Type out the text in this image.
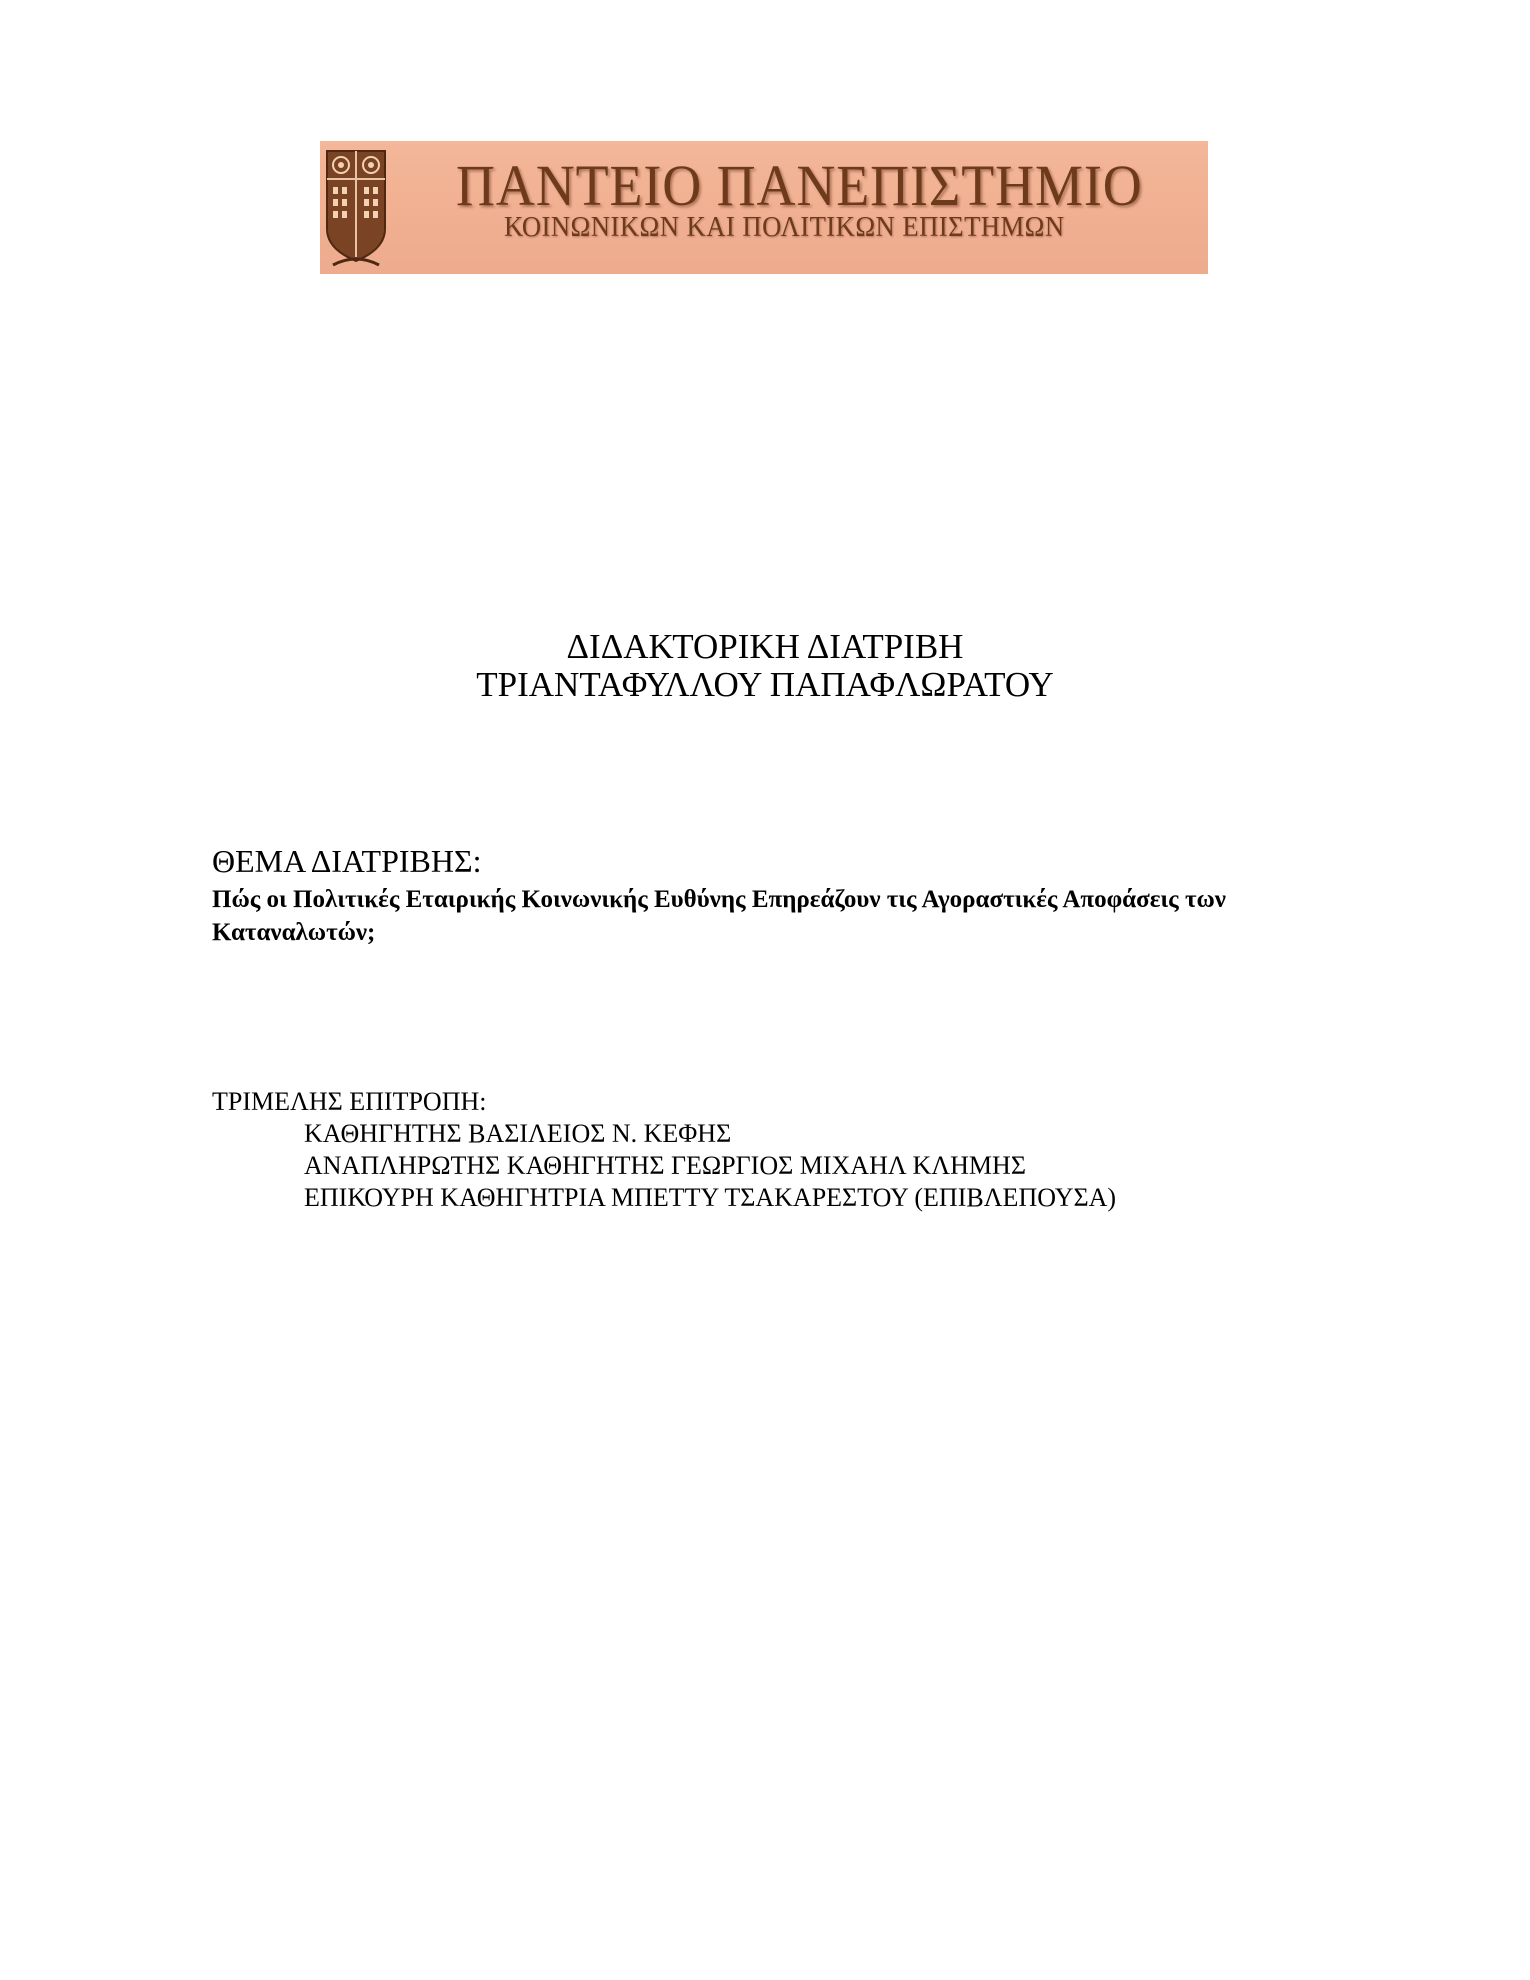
ΠΑΝΤΕΙΟ ΠΑΝΕΠΙΣΤΗΜΙΟ
ΚΟΙΝΩΝΙΚΩΝ ΚΑΙ ΠΟΛΙΤΙΚΩΝ ΕΠΙΣΤΗΜΩΝ
ΔΙΔΑΚΤΟΡΙΚΗ ΔΙΑΤΡΙΒΗ
ΤΡΙΑΝΤΑΦΥΛΛΟΥ ΠΑΠΑΦΛΩΡΑΤΟΥ
ΘΕΜΑ ΔΙΑΤΡΙΒΗΣ:
Πώς οι Πολιτικές Εταιρικής Κοινωνικής Ευθύνης Επηρεάζουν τις Αγοραστικές Αποφάσεις των Καταναλωτών;
ΤΡΙΜΕΛΗΣ ΕΠΙΤΡΟΠΗ:
ΚΑΘΗΓΗΤΗΣ ΒΑΣΙΛΕΙΟΣ Ν. ΚΕΦΗΣ
ΑΝΑΠΛΗΡΩΤΗΣ ΚΑΘΗΓΗΤΗΣ ΓΕΩΡΓΙΟΣ ΜΙΧΑΗΛ ΚΛΗΜΗΣ
ΕΠΙΚΟΥΡΗ ΚΑΘΗΓΗΤΡΙΑ ΜΠΕΤΤΥ ΤΣΑΚΑΡΕΣΤΟΥ (ΕΠΙΒΛΕΠΟΥΣΑ)
